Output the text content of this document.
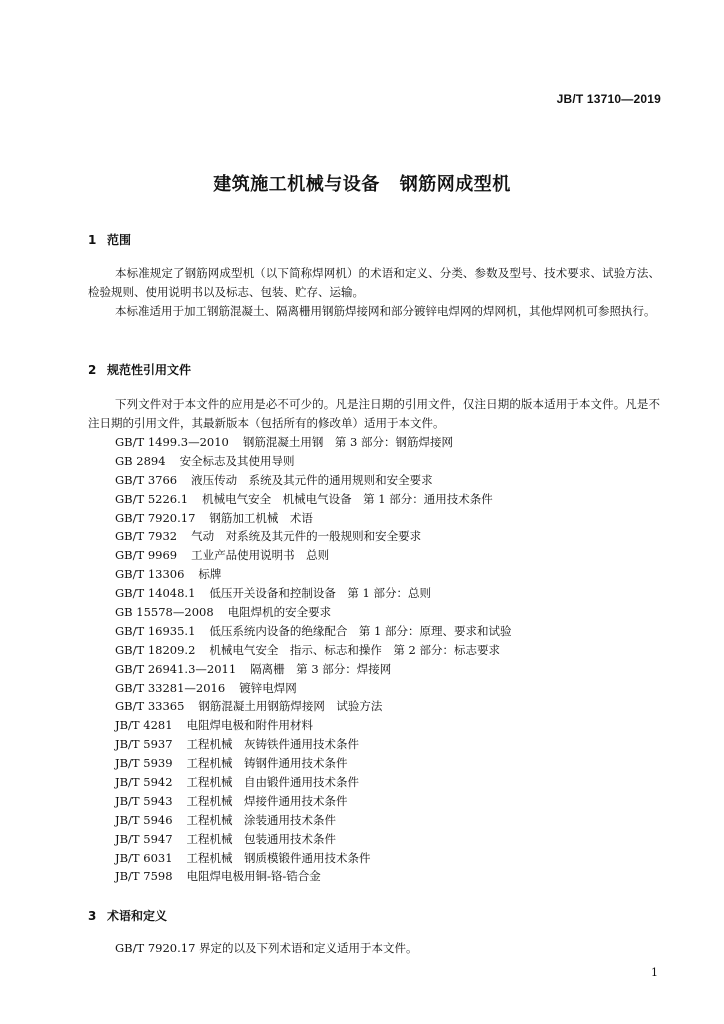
JB/T 13710—2019
建筑施工机械与设备 钢筋网成型机
1 范围

本标准规定了钢筋网成型机（以下简称焊网机）的术语和定义、分类、参数及型号、技术要求、试验方法、检验规则、使用说明书以及标志、包装、贮存、运输。

本标准适用于加工钢筋混凝土、隔离栅用钢筋焊接网和部分镀锌电焊网的焊网机，其他焊网机可参照执行。

2 规范性引用文件

下列文件对于本文件的应用是必不可少的。凡是注日期的引用文件，仅注日期的版本适用于本文件。凡是不注日期的引用文件，其最新版本（包括所有的修改单）适用于本文件。

GB/T 1499.3—2010 钢筋混凝土用钢　第 3 部分：钢筋焊接网
GB 2894 安全标志及其使用导则
GB/T 3766 液压传动　系统及其元件的通用规则和安全要求
GB/T 5226.1 机械电气安全　机械电气设备　第 1 部分：通用技术条件
GB/T 7920.17 钢筋加工机械　术语
GB/T 7932 气动　对系统及其元件的一般规则和安全要求
GB/T 9969 工业产品使用说明书　总则
GB/T 13306 标牌
GB/T 14048.1 低压开关设备和控制设备　第 1 部分：总则
GB 15578—2008 电阻焊机的安全要求
GB/T 16935.1 低压系统内设备的绝缘配合　第 1 部分：原理、要求和试验
GB/T 18209.2 机械电气安全　指示、标志和操作　第 2 部分：标志要求
GB/T 26941.3—2011 隔离栅　第 3 部分：焊接网
GB/T 33281—2016 镀锌电焊网
GB/T 33365 钢筋混凝土用钢筋焊接网　试验方法
JB/T 4281 电阻焊电极和附件用材料
JB/T 5937 工程机械　灰铸铁件通用技术条件
JB/T 5939 工程机械　铸钢件通用技术条件
JB/T 5942 工程机械　自由锻件通用技术条件
JB/T 5943 工程机械　焊接件通用技术条件
JB/T 5946 工程机械　涂装通用技术条件
JB/T 5947 工程机械　包装通用技术条件
JB/T 6031 工程机械　钢质模锻件通用技术条件
JB/T 7598 电阻焊电极用铜-铬-锆合金
3 术语和定义

GB/T 7920.17 界定的以及下列术语和定义适用于本文件。

1
